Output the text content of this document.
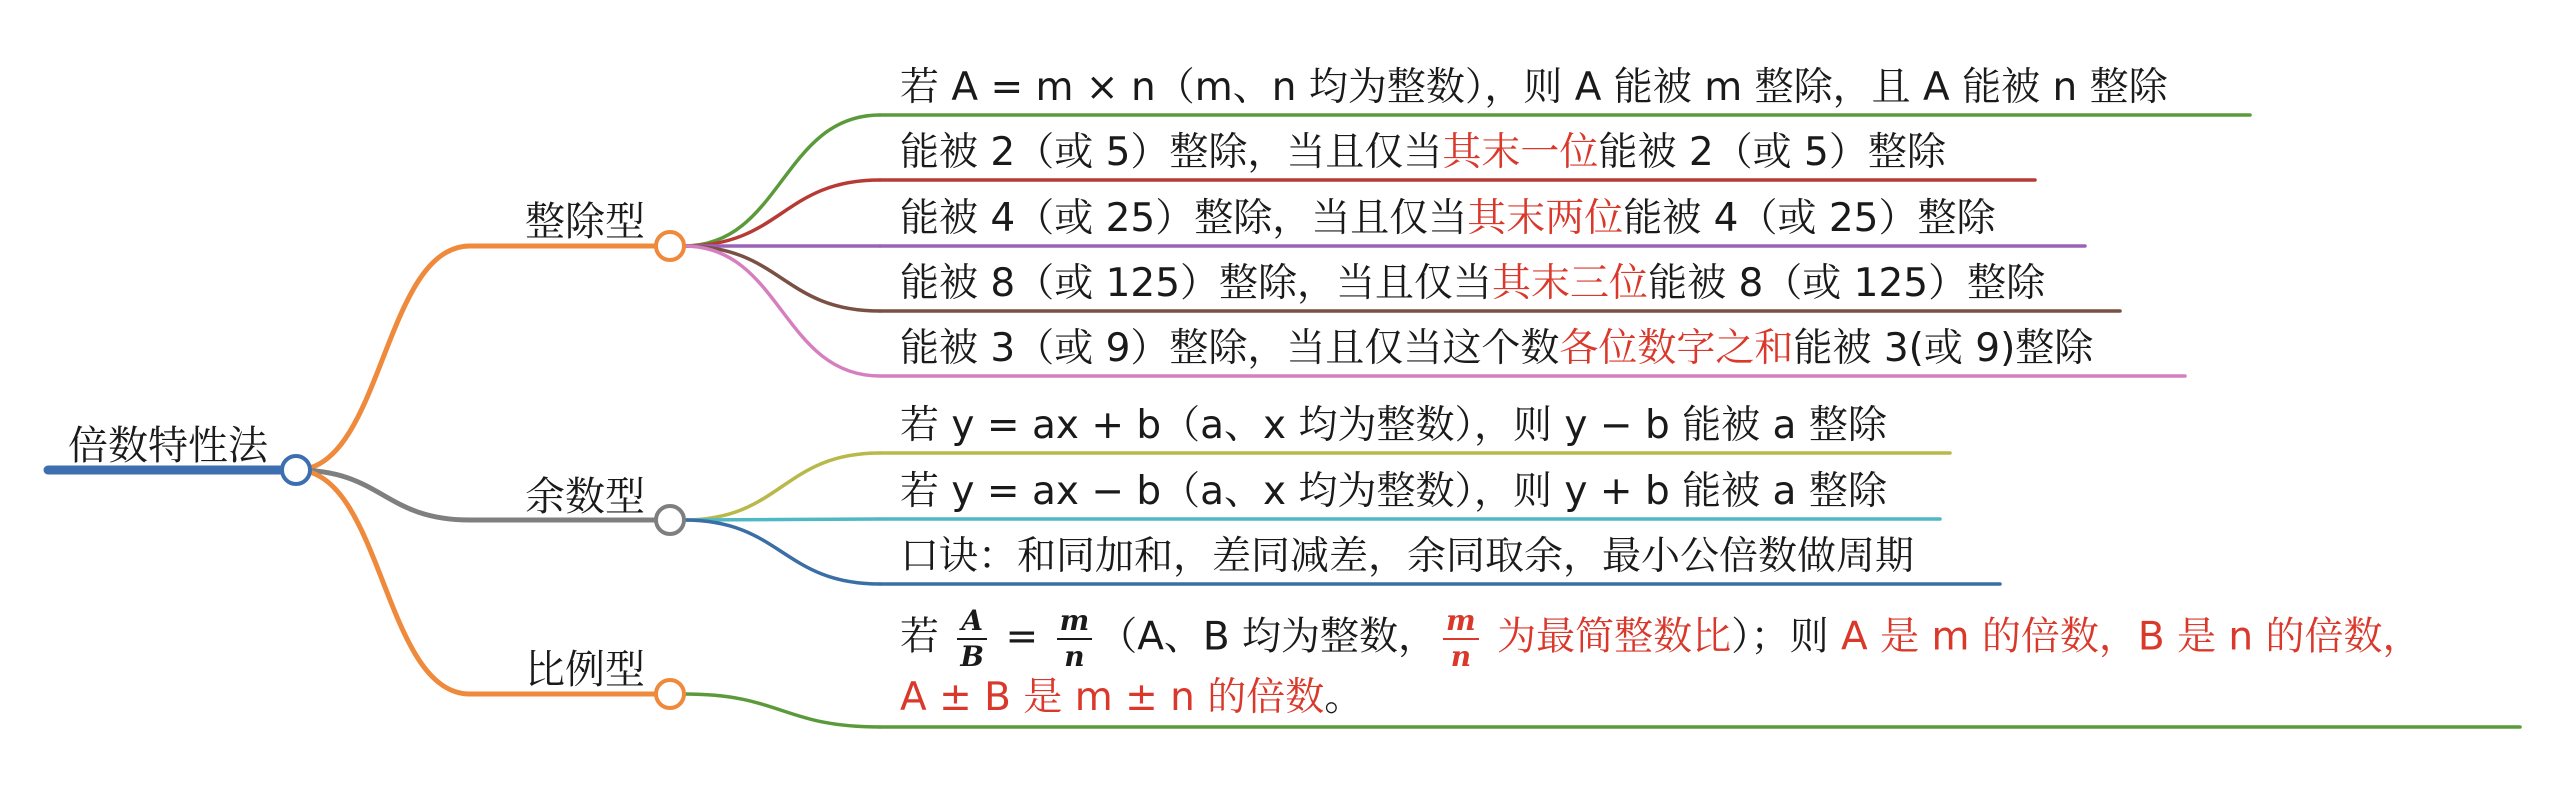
倍数特性法
整除型
余数型
比例型
若 A = m × n（m、n 均为整数），则 A 能被 m 整除，且 A 能被 n 整除
能被 2（或 5）整除，当且仅当其末一位能被 2（或 5）整除
能被 4（或 25）整除，当且仅当其末两位能被 4（或 25）整除
能被 8（或 125）整除，当且仅当其末三位能被 8（或 125）整除
能被 3（或 9）整除，当且仅当这个数各位数字之和能被 3(或 9)整除
若 y = ax + b（a、x 均为整数），则 y − b 能被 a 整除
若 y = ax − b（a、x 均为整数），则 y + b 能被 a 整除
口诀：和同加和，差同减差，余同取余，最小公倍数做周期
若 $\frac{A}{B} = \frac{m}{n} (A$、B 均为整数， $\frac{m}{n}$ 为最简整数比）；则 A 是 m 的倍数，B 是 n 的倍数，
A ± B 是 m ± n 的倍数。
